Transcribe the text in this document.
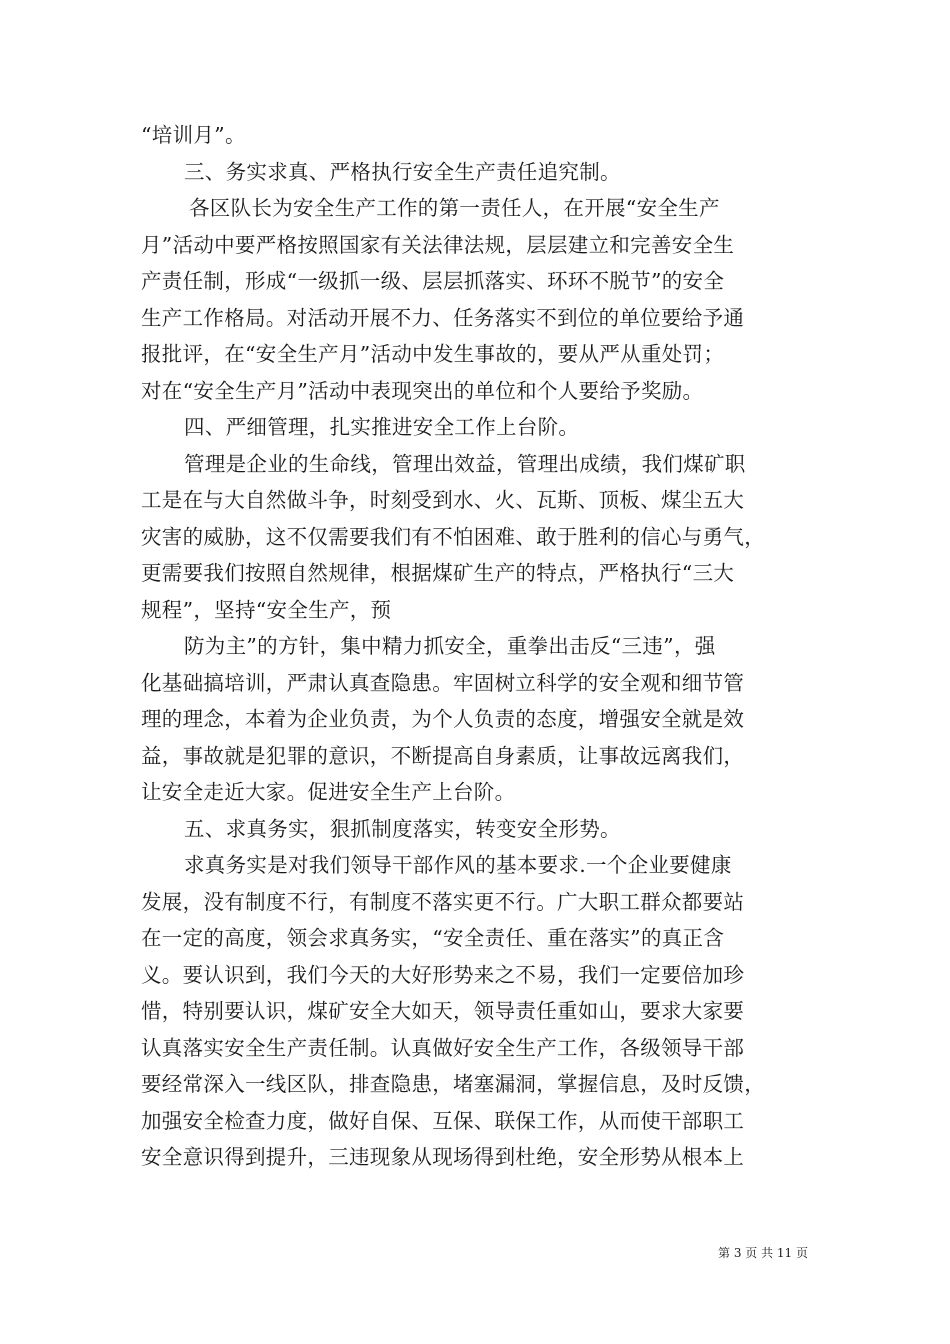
“培训月”。
三、务实求真、严格执行安全生产责任追究制。
各区队长为安全生产工作的第一责任人，在开展“安全生产
月”活动中要严格按照国家有关法律法规，层层建立和完善安全生
产责任制，形成“一级抓一级、层层抓落实、环环不脱节”的安全
生产工作格局。对活动开展不力、任务落实不到位的单位要给予通
报批评，在“安全生产月”活动中发生事故的，要从严从重处罚；
对在“安全生产月”活动中表现突出的单位和个人要给予奖励。
四、严细管理，扎实推进安全工作上台阶。
管理是企业的生命线，管理出效益，管理出成绩，我们煤矿职
工是在与大自然做斗争，时刻受到水、火、瓦斯、顶板、煤尘五大
灾害的威胁，这不仅需要我们有不怕困难、敢于胜利的信心与勇气，
更需要我们按照自然规律，根据煤矿生产的特点，严格执行“三大
规程”，坚持“安全生产，预
防为主”的方针，集中精力抓安全，重拳出击反“三违”，强
化基础搞培训，严肃认真查隐患。牢固树立科学的安全观和细节管
理的理念，本着为企业负责，为个人负责的态度，增强安全就是效
益，事故就是犯罪的意识，不断提高自身素质，让事故远离我们，
让安全走近大家。促进安全生产上台阶。
五、求真务实，狠抓制度落实，转变安全形势。
求真务实是对我们领导干部作风的基本要求.一个企业要健康
发展，没有制度不行，有制度不落实更不行。广大职工群众都要站
在一定的高度，领会求真务实，“安全责任、重在落实”的真正含
义。要认识到，我们今天的大好形势来之不易，我们一定要倍加珍
惜，特别要认识，煤矿安全大如天，领导责任重如山，要求大家要
认真落实安全生产责任制。认真做好安全生产工作，各级领导干部
要经常深入一线区队，排查隐患，堵塞漏洞，掌握信息，及时反馈，
加强安全检查力度，做好自保、互保、联保工作，从而使干部职工
安全意识得到提升，三违现象从现场得到杜绝，安全形势从根本上
第 3 页 共 11 页
